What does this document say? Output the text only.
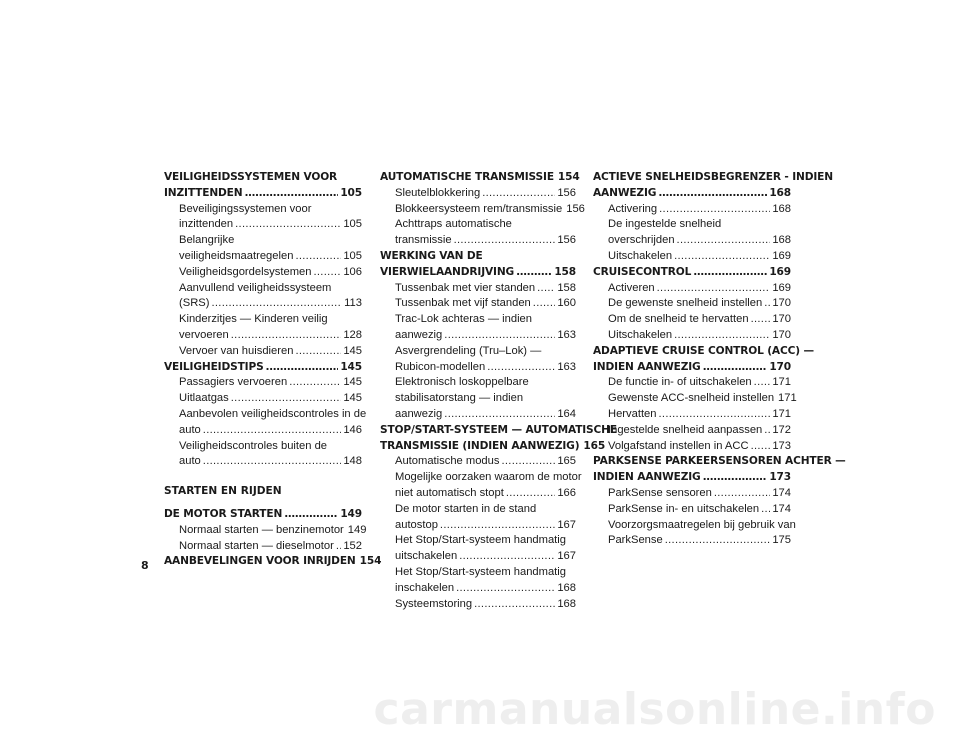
VEILIGHEIDSSYSTEMEN VOOR
INZITTENDEN .....	105
Beveiligingssystemen voor
inzittenden .....	105
Belangrijke
veiligheidsmaatregelen .....	105
Veiligheidsgordelsystemen .....	106
Aanvullend veiligheidssysteem
(SRS) .....	113
Kinderzitjes — Kinderen veilig
vervoeren .....	128
Vervoer van huisdieren .....	145
VEILIGHEIDSTIPS .....	145
Passagiers vervoeren .....	145
Uitlaatgas .....	145
Aanbevolen veiligheidscontroles in de
auto .....	146
Veiligheidscontroles buiten de
auto .....	148
STARTEN EN RIJDEN
DE MOTOR STARTEN .....	149
Normaal starten — benzinemotor 149
Normaal starten — dieselmotor ..... 152
AANBEVELINGEN VOOR INRIJDEN 154
AUTOMATISCHE TRANSMISSIE 154
Sleutelblokkering .....	156
Blokkeersysteem rem/transmissie 156
Achttraps automatische
transmissie .....	156
WERKING VAN DE
VIERWIELAANDRIJVING .....	158
Tussenbak met vier standen ..... 158
Tussenbak met vijf standen ..... 160
Trac-Lok achteras — indien
aanwezig .....	163
Asvergrendeling (Tru–Lok) —
Rubicon-modellen .....	163
Elektronisch loskoppelbare
stabilisatorstang — indien
aanwezig .....	164
STOP/START-SYSTEEM — AUTOMATISCHE
TRANSMISSIE (INDIEN AANWEZIG) 165
Automatische modus .....	165
Mogelijke oorzaken waarom de motor
niet automatisch stopt .....	166
De motor starten in de stand
autostop .....	167
Het Stop/Start-systeem handmatig
uitschakelen .....	167
Het Stop/Start-systeem handmatig
inschakelen .....	168
Systeemstoring .....	168
ACTIEVE SNELHEIDSBEGRENZER - INDIEN
AANWEZIG .....	168
Activering .....	168
De ingestelde snelheid
overschrijden .....	168
Uitschakelen .....	169
CRUISECONTROL .....	169
Activeren .....	169
De gewenste snelheid instellen ..... 170
Om de snelheid te hervatten ..... 170
Uitschakelen .....	170
ADAPTIEVE CRUISE CONTROL (ACC) —
INDIEN AANWEZIG .....	170
De functie in- of uitschakelen ..... 171
Gewenste ACC-snelheid instellen 171
Hervatten .....	171
Ingestelde snelheid aanpassen ..... 172
Volgafstand instellen in ACC ..... 173
PARKSENSE PARKEERSENSOREN ACHTER —
INDIEN AANWEZIG .....	173
ParkSense sensoren .....	174
ParkSense in- en uitschakelen ..... 174
Voorzorgsmaatregelen bij gebruik van
ParkSense .....	175
8
carmanualsonline.info
